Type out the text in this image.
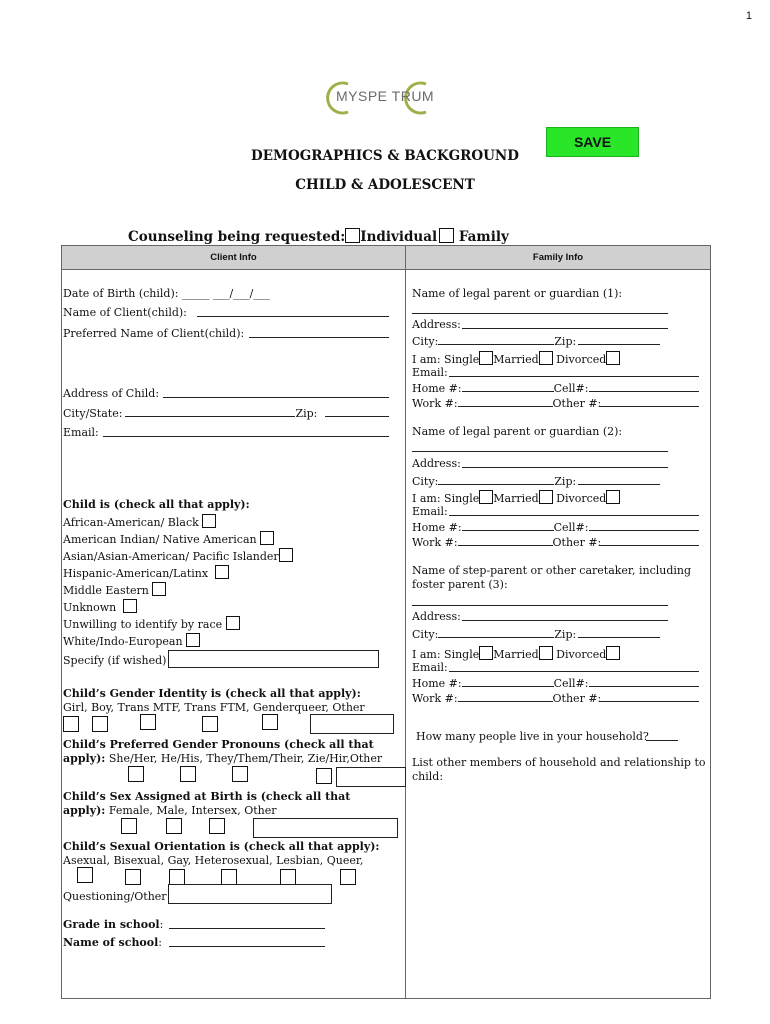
1
MYSPE TRUM
SAVE
DEMOGRAPHICS & BACKGROUND
CHILD & ADOLESCENT
Counseling being requested: Individual Family
Client Info	Family Info

Date of Birth (child): _____ ___/___/___
Name of Client(child):
Preferred Name of Client(child):
Address of Child:
City/State:	Zip:
Email:
Child is (check all that apply):
African-American/ Black
American Indian/ Native American
Asian/Asian-American/ Pacific Islander
Hispanic-American/Latinx
Middle Eastern
Unknown
Unwilling to identify by race
White/Indo-European
Specify (if wished)
Child’s Gender Identity is (check all that apply):
Girl, Boy, Trans MTF, Trans FTM, Genderqueer, Other
Child’s Preferred Gender Pronouns (check all that
apply): She/Her, He/His, They/Them/Their, Zie/Hir,Other
Child’s Sex Assigned at Birth is (check all that
apply): Female, Male, Intersex, Other
Child’s Sexual Orientation is (check all that apply):
Asexual, Bisexual, Gay, Heterosexual, Lesbian, Queer,
Questioning/Other
Grade in school:
Name of school:
Name of legal parent or guardian (1):
Address:
City:	Zip:
I am: Single Married Divorced
Email:
Home #:	Cell#:
Work #:	Other #:
Name of legal parent or guardian (2):
Address:
City:	Zip:
I am: Single Married Divorced
Email:
Home #:	Cell#:
Work #:	Other #:
Name of step-parent or other caretaker, including
foster parent (3):
Address:
City:	Zip:
I am: Single Married Divorced
Email:
Home #:	Cell#:
Work #:	Other #:
How many people live in your household?
List other members of household and relationship to
child:
